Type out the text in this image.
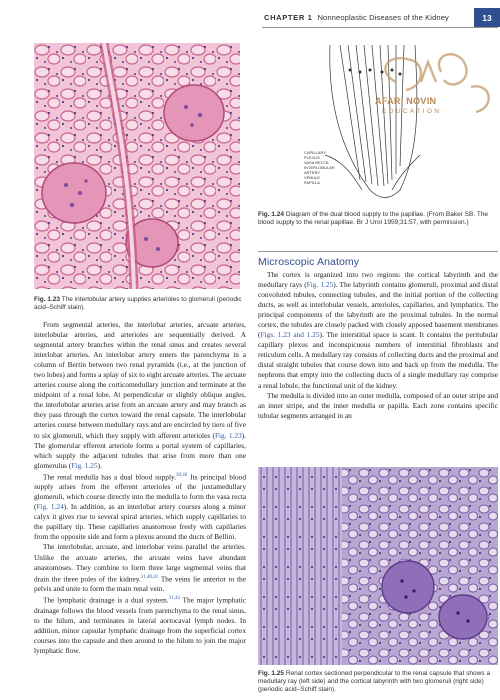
CHAPTER 1 Nonneoplastic Diseases of the Kidney	13
Fig. 1.23 The interlobular artery supplies arterioles to glomeruli (periodic acid–Schiff stain).

From segmental arteries, the interlobar arteries, arcuate arteries, interlobular arteries, and arterioles are sequentially derived. A segmental artery branches within the renal sinus and creates several interlobar arteries. An interlobar artery enters the parenchyma in a column of Bertin between two renal pyramids (i.e., at the junction of two lobes) and forms a splay of six to eight arcuate arteries. The arcuate arteries course along the corticomedullary junction and terminate at the midpoint of a renal lobe. At perpendicular or slightly oblique angles, the interlobular arteries arise from an arcuate artery and may branch as they pass through the cortex toward the renal capsule. The interlobular arteries course between medullary rays and are encircled by tiers of five to six glomeruli, which they supply with afferent arterioles (Fig. 1.23). The glomerular efferent arteriole forms a portal system of capillaries, which supply the adjacent tubules that arise from more than one glomerulus (Fig. 1.25).

The renal medulla has a dual blood supply.$^{39,40}$ Its principal blood supply arises from the efferent arterioles of the juxtamedullary glomeruli, which course directly into the medulla to form the vasa recta (Fig. 1.24). In addition, as an interlobar artery courses along a minor calyx it gives rise to several spiral arteries, which supply capillaries to the papillary tip. These capillaries anastomose freely with capillaries from the opposite side and form a plexus around the ducts of Bellini.

The interlobular, arcuate, and interlobar veins parallel the arteries. Unlike the arcuate arteries, the arcuate veins have abundant anastomoses. They combine to form three large segmental veins that drain the three poles of the kidney.$^{31,40,41}$ The veins lie anterior to the pelvis and unite to form the main renal vein.

The lymphatic drainage is a dual system.$^{31,44}$ The major lymphatic drainage follows the blood vessels from parenchyma to the renal sinus, to the hilum, and terminates in lateral aortocaval lymph nodes. In addition, minor capsular lymphatic drainage from the superficial cortex courses into the capsule and then around to the hilum to join the major lymphatic flow.

CAPILLARY
PLEXUS
VASA RECTA
INTERLOBULAR
ARTERY
VENULE
PAPILLA
AFARI NOVIN
EDUCATION
Fig. 1.24 Diagram of the dual blood supply to the papillae. (From Baker SB. The blood supply to the renal papillae. Br J Urol 1959;31:57, with permission.)
Microscopic Anatomy

The cortex is organized into two regions: the cortical labyrinth and the medullary rays (Fig. 1.25). The labyrinth contains glomeruli, proximal and distal convoluted tubules, connecting tubules, and the initial portion of the collecting ducts, as well as interlobular vessels, arterioles, capillaries, and lymphatics. The principal components of the labyrinth are the proximal tubules. In the normal cortex, the tubules are closely packed with closely apposed basement membranes (Figs. 1.23 and 1.25). The interstitial space is scant. It contains the peritubular capillary plexus and inconspicuous numbers of interstitial fibroblasts and reticulum cells. A medullary ray consists of collecting ducts and the proximal and distal straight tubules that course down into and back up from the medulla. The nephrons that empty into the collecting ducts of a single medullary ray comprise a renal lobule, the functional unit of the kidney.

The medulla is divided into an outer medulla, composed of an outer stripe and an inner stripe, and the inner medulla or papilla. Each zone contains specific tubular segments arranged in an

Fig. 1.25 Renal cortex sectioned perpendicular to the renal capsule that shows a medullary ray (left side) and the cortical labyrinth with two glomeruli (right side) (periodic acid–Schiff stain).
